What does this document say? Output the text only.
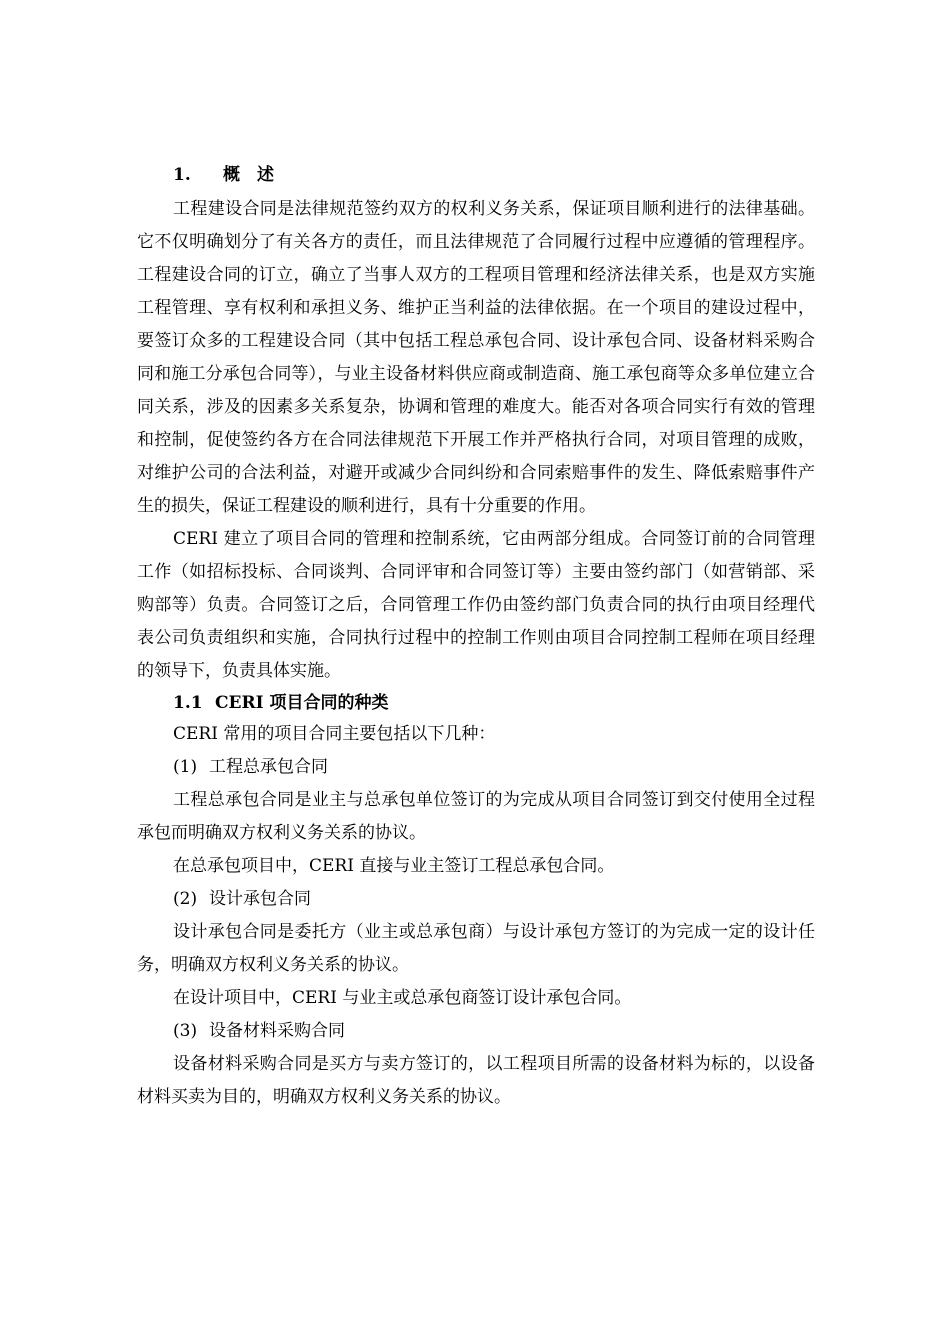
1. 概　述

工程建设合同是法律规范签约双方的权利义务关系，保证项目顺利进行的法律基础。它不仅明确划分了有关各方的责任，而且法律规范了合同履行过程中应遵循的管理程序。工程建设合同的订立，确立了当事人双方的工程项目管理和经济法律关系，也是双方实施工程管理、享有权利和承担义务、维护正当利益的法律依据。在一个项目的建设过程中，要签订众多的工程建设合同（其中包括工程总承包合同、设计承包合同、设备材料采购合同和施工分承包合同等），与业主设备材料供应商或制造商、施工承包商等众多单位建立合同关系，涉及的因素多关系复杂，协调和管理的难度大。能否对各项合同实行有效的管理和控制，促使签约各方在合同法律规范下开展工作并严格执行合同，对项目管理的成败，对维护公司的合法利益，对避开或减少合同纠纷和合同索赔事件的发生、降低索赔事件产生的损失，保证工程建设的顺利进行，具有十分重要的作用。

CERI 建立了项目合同的管理和控制系统，它由两部分组成。合同签订前的合同管理工作（如招标投标、合同谈判、合同评审和合同签订等）主要由签约部门（如营销部、采购部等）负责。合同签订之后，合同管理工作仍由签约部门负责合同的执行由项目经理代表公司负责组织和实施，合同执行过程中的控制工作则由项目合同控制工程师在项目经理的领导下，负责具体实施。

1.1 CERI 项目合同的种类

CERI 常用的项目合同主要包括以下几种：

(1) 工程总承包合同

工程总承包合同是业主与总承包单位签订的为完成从项目合同签订到交付使用全过程承包而明确双方权利义务关系的协议。

在总承包项目中，CERI 直接与业主签订工程总承包合同。

(2) 设计承包合同

设计承包合同是委托方（业主或总承包商）与设计承包方签订的为完成一定的设计任务，明确双方权利义务关系的协议。

在设计项目中，CERI 与业主或总承包商签订设计承包合同。

(3) 设备材料采购合同

设备材料采购合同是买方与卖方签订的，以工程项目所需的设备材料为标的，以设备材料买卖为目的，明确双方权利义务关系的协议。
